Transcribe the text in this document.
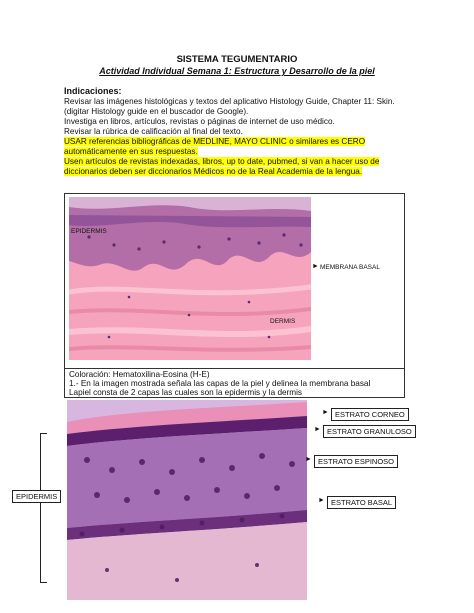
SISTEMA TEGUMENTARIO
Actividad Individual Semana 1: Estructura y Desarrollo de la piel
Indicaciones:
Revisar las imágenes histológicas y textos del aplicativo Histology Guide, Chapter 11: Skin.
(digitar Histology guide en el buscador de Google).
Investiga en libros, artículos, revistas o páginas de internet de uso médico.
Revisar la rúbrica de calificación al final del texto.
USAR referencias bibliográficas de MEDLINE, MAYO CLINIC o similares es CERO
automáticamente en sus respuestas.
Usen artículos de revistas indexadas, libros, up to date, pubmed, si van a hacer uso de
diccionarios deben ser diccionarios Médicos no de la Real Academia de la lengua.
EPIDERMIS
DERMIS
► MEMBRANA BASAL
Coloración: Hematoxilina-Eosina (H-E)
1.- En la imagen mostrada señala las capas de la piel y delinea la membrana basal
Lapiel consta de 2 capas las cuales son la epidermis y la dermis
EPIDERMIS
► ESTRATO CORNEO
► ESTRATO GRANULOSO
► ESTRATO ESPINOSO
► ESTRATO BASAL
